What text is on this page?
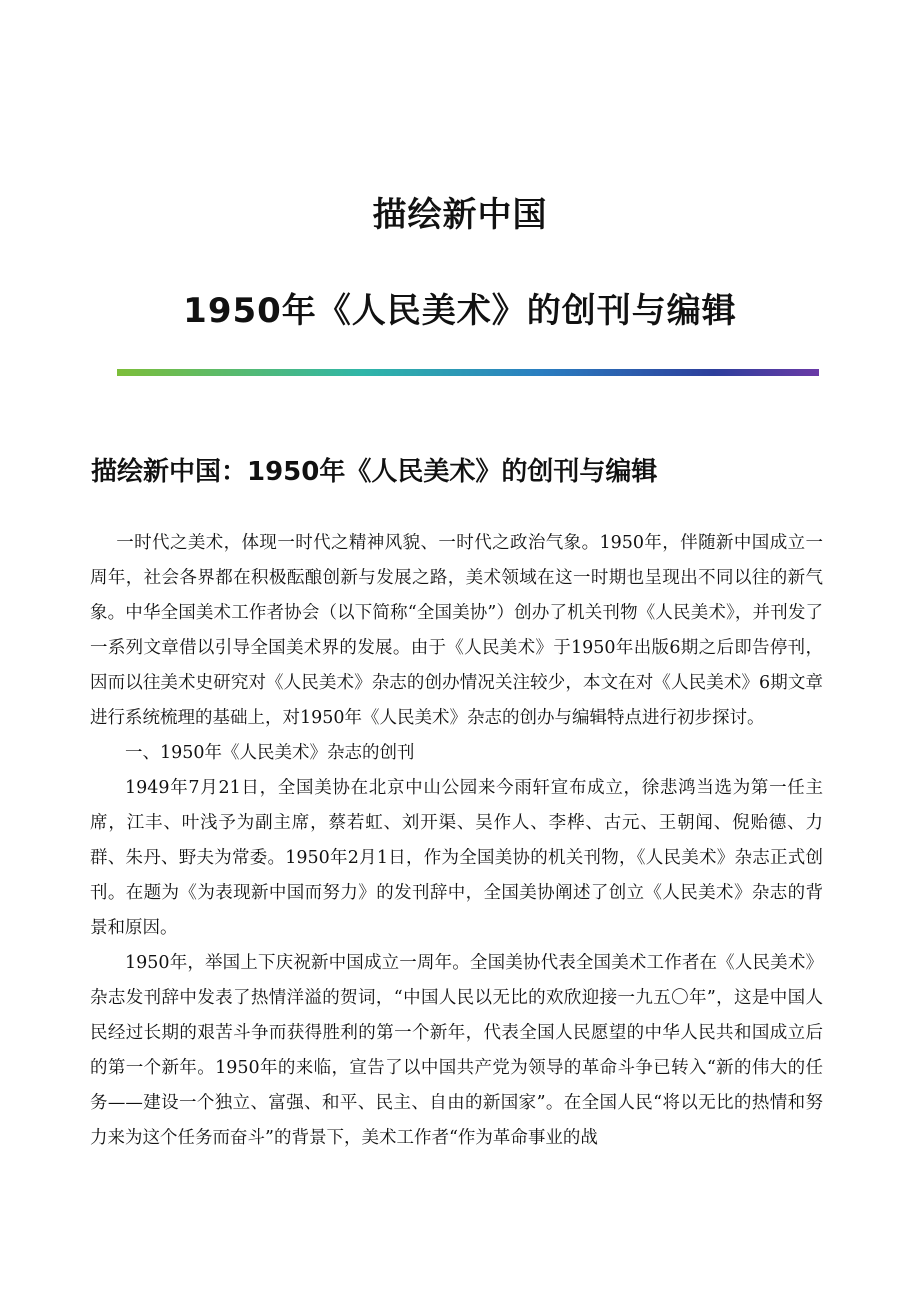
描绘新中国
1950年《人民美术》的创刊与编辑
描绘新中国：1950年《人民美术》的创刊与编辑

一时代之美术，体现一时代之精神风貌、一时代之政治气象。1950年，伴随新中国成立一周年，社会各界都在积极酝酿创新与发展之路，美术领域在这一时期也呈现出不同以往的新气象。中华全国美术工作者协会（以下简称“全国美协”）创办了机关刊物《人民美术》，并刊发了一系列文章借以引导全国美术界的发展。由于《人民美术》于1950年出版6期之后即告停刊，因而以往美术史研究对《人民美术》杂志的创办情况关注较少，本文在对《人民美术》6期文章进行系统梳理的基础上，对1950年《人民美术》杂志的创办与编辑特点进行初步探讨。

一、1950年《人民美术》杂志的创刊

1949年7月21日，全国美协在北京中山公园来今雨轩宣布成立，徐悲鸿当选为第一任主席，江丰、叶浅予为副主席，蔡若虹、刘开渠、吴作人、李桦、古元、王朝闻、倪贻德、力群、朱丹、野夫为常委。1950年2月1日，作为全国美协的机关刊物，《人民美术》杂志正式创刊。在题为《为表现新中国而努力》的发刊辞中，全国美协阐述了创立《人民美术》杂志的背景和原因。

1950年，举国上下庆祝新中国成立一周年。全国美协代表全国美术工作者在《人民美术》杂志发刊辞中发表了热情洋溢的贺词，“中国人民以无比的欢欣迎接一九五〇年”，这是中国人民经过长期的艰苦斗争而获得胜利的第一个新年，代表全国人民愿望的中华人民共和国成立后的第一个新年。1950年的来临，宣告了以中国共产党为领导的革命斗争已转入“新的伟大的任务——建设一个独立、富强、和平、民主、自由的新国家”。在全国人民“将以无比的热情和努力来为这个任务而奋斗”的背景下，美术工作者“作为革命事业的战
